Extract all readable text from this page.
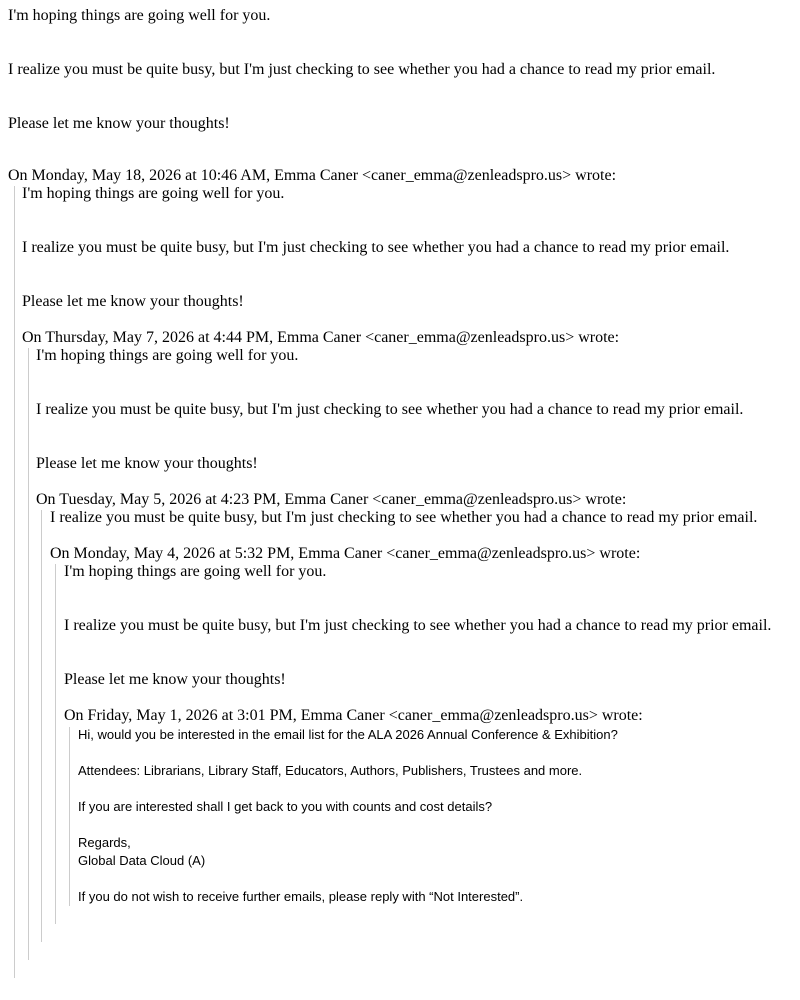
I'm hoping things are going well for you.
I realize you must be quite busy, but I'm just checking to see whether you had a chance to read my prior email.
Please let me know your thoughts!
On Monday, May 18, 2026 at 10:46 AM, Emma Caner <caner_emma@zenleadspro.us> wrote:
I'm hoping things are going well for you.
I realize you must be quite busy, but I'm just checking to see whether you had a chance to read my prior email.
Please let me know your thoughts!
On Thursday, May 7, 2026 at 4:44 PM, Emma Caner <caner_emma@zenleadspro.us> wrote:
I'm hoping things are going well for you.
I realize you must be quite busy, but I'm just checking to see whether you had a chance to read my prior email.
Please let me know your thoughts!
On Tuesday, May 5, 2026 at 4:23 PM, Emma Caner <caner_emma@zenleadspro.us> wrote:
I realize you must be quite busy, but I'm just checking to see whether you had a chance to read my prior email.
On Monday, May 4, 2026 at 5:32 PM, Emma Caner <caner_emma@zenleadspro.us> wrote:
I'm hoping things are going well for you.
I realize you must be quite busy, but I'm just checking to see whether you had a chance to read my prior email.
Please let me know your thoughts!
On Friday, May 1, 2026 at 3:01 PM, Emma Caner <caner_emma@zenleadspro.us> wrote:
Hi, would you be interested in the email list for the ALA 2026 Annual Conference & Exhibition?
Attendees: Librarians, Library Staff, Educators, Authors, Publishers, Trustees and more.
If you are interested shall I get back to you with counts and cost details?
Regards,
Global Data Cloud (A)
If you do not wish to receive further emails, please reply with “Not Interested”.
